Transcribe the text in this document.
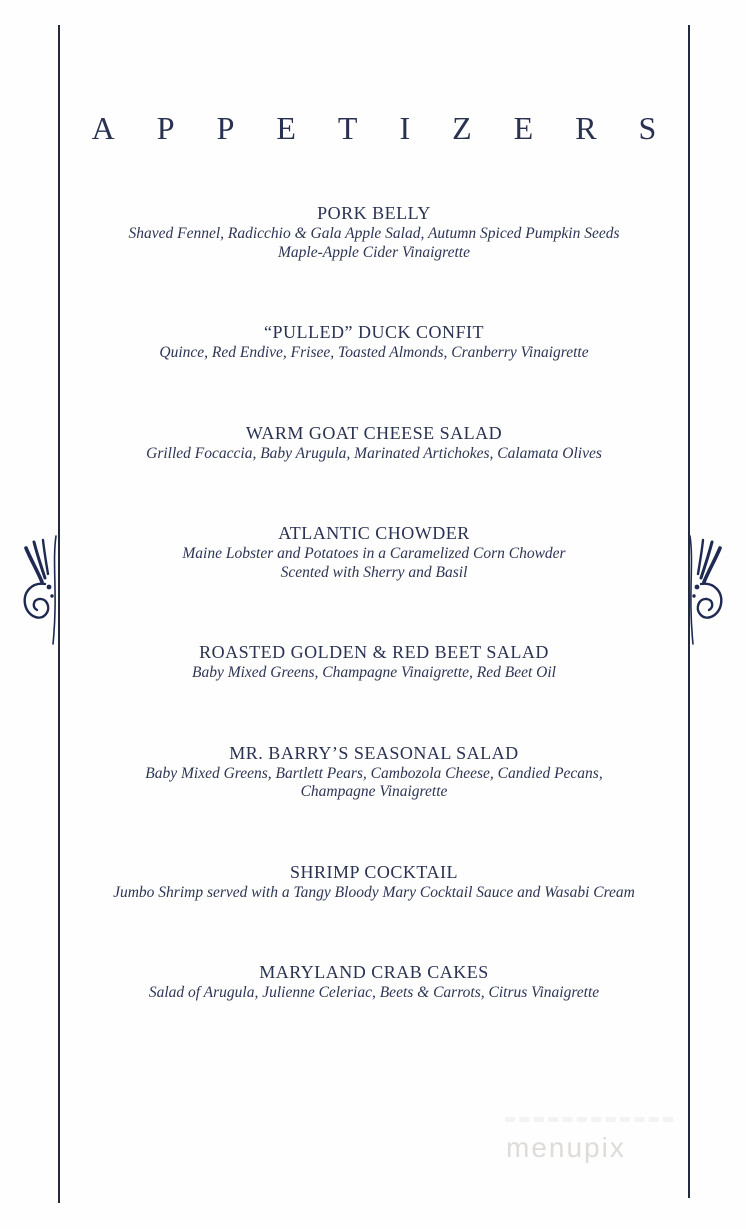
APPETIZERS
PORK BELLY
Shaved Fennel, Radicchio & Gala Apple Salad, Autumn Spiced Pumpkin Seeds
Maple-Apple Cider Vinaigrette
“PULLED” DUCK CONFIT
Quince, Red Endive, Frisee, Toasted Almonds, Cranberry Vinaigrette
WARM GOAT CHEESE SALAD
Grilled Focaccia, Baby Arugula, Marinated Artichokes, Calamata Olives
ATLANTIC CHOWDER
Maine Lobster and Potatoes in a Caramelized Corn Chowder
Scented with Sherry and Basil
ROASTED GOLDEN & RED BEET SALAD
Baby Mixed Greens, Champagne Vinaigrette, Red Beet Oil
MR. BARRY’S SEASONAL SALAD
Baby Mixed Greens, Bartlett Pears, Cambozola Cheese, Candied Pecans,
Champagne Vinaigrette
SHRIMP COCKTAIL
Jumbo Shrimp served with a Tangy Bloody Mary Cocktail Sauce and Wasabi Cream
MARYLAND CRAB CAKES
Salad of Arugula, Julienne Celeriac, Beets & Carrots, Citrus Vinaigrette
menupix
